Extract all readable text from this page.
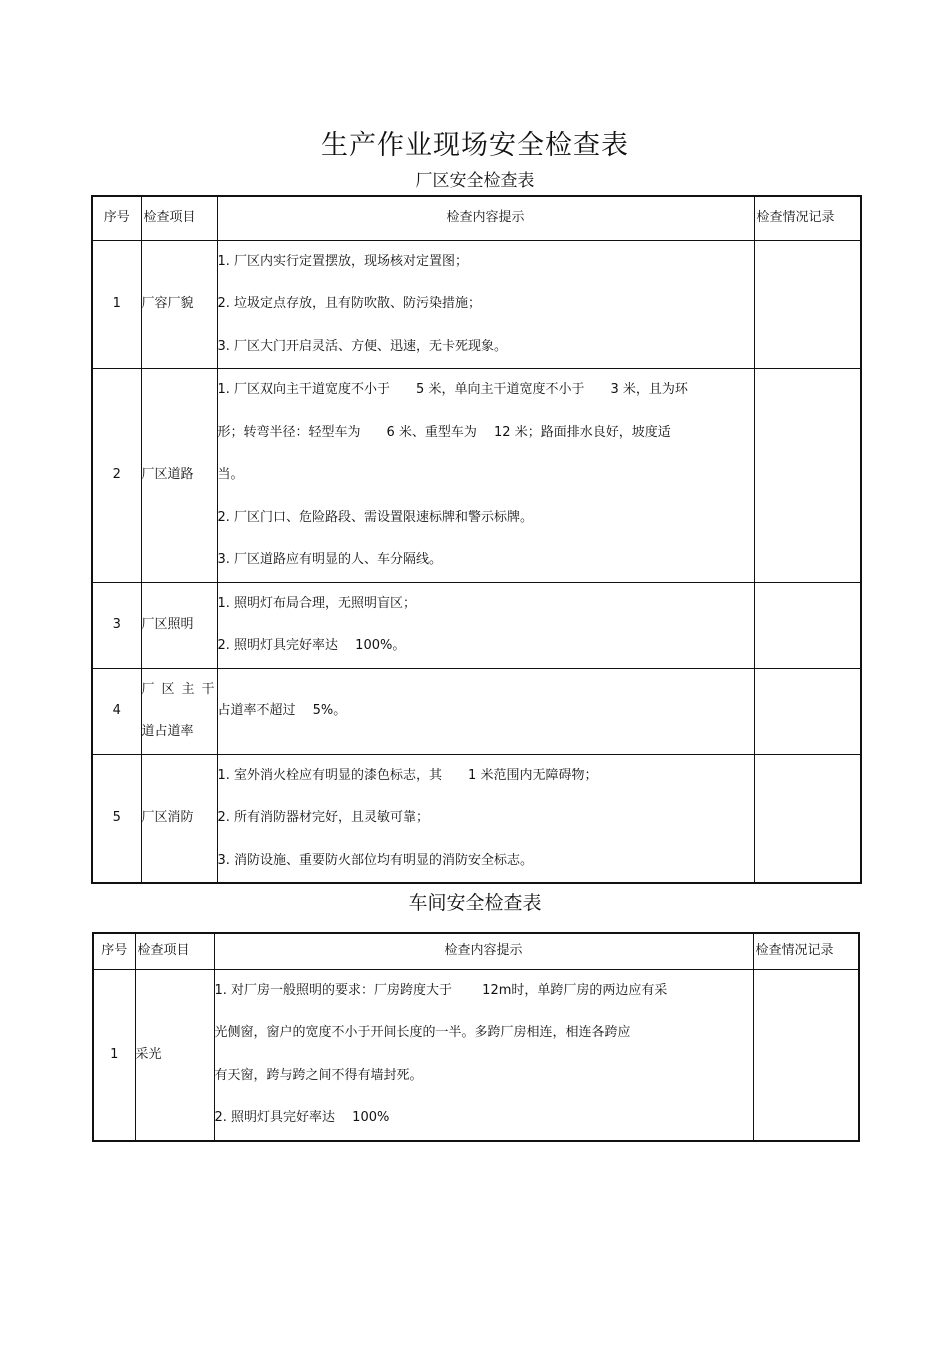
生产作业现场安全检查表
厂区安全检查表
序号	检查项目	检查内容提示	检查情况记录
1	厂容厂貌	1. 厂区内实行定置摆放，现场核对定置图；
2. 垃圾定点存放，且有防吹散、防污染措施；
3. 厂区大门开启灵活、方便、迅速，无卡死现象。	

2	厂区道路	1. 厂区双向主干道宽度不小于　　5 米，单向主干道宽度不小于　　3 米，且为环
形；转弯半径：轻型车为　　6 米、重型车为　 12 米；路面排水良好，坡度适
当。
2. 厂区门口、危险路段、需设置限速标牌和警示标牌。
3. 厂区道路应有明显的人、车分隔线。	

3	厂区照明	1. 照明灯布局合理，无照明盲区；
2. 照明灯具完好率达　 100%。	

4	厂 区 主 干
道占道率	占道率不超过　 5%。	

5	厂区消防	1. 室外消火栓应有明显的漆色标志，其　　1 米范围内无障碍物；
2. 所有消防器材完好，且灵敏可靠；
3. 消防设施、重要防火部位均有明显的消防安全标志。	

车间安全检查表
序号	检查项目	检查内容提示	检查情况记录
1	采光	1. 对厂房一般照明的要求：厂房跨度大于　　 12m时，单跨厂房的两边应有采
光侧窗，窗户的宽度不小于开间长度的一半。多跨厂房相连，相连各跨应
有天窗，跨与跨之间不得有墙封死。
2. 照明灯具完好率达　 100%	
